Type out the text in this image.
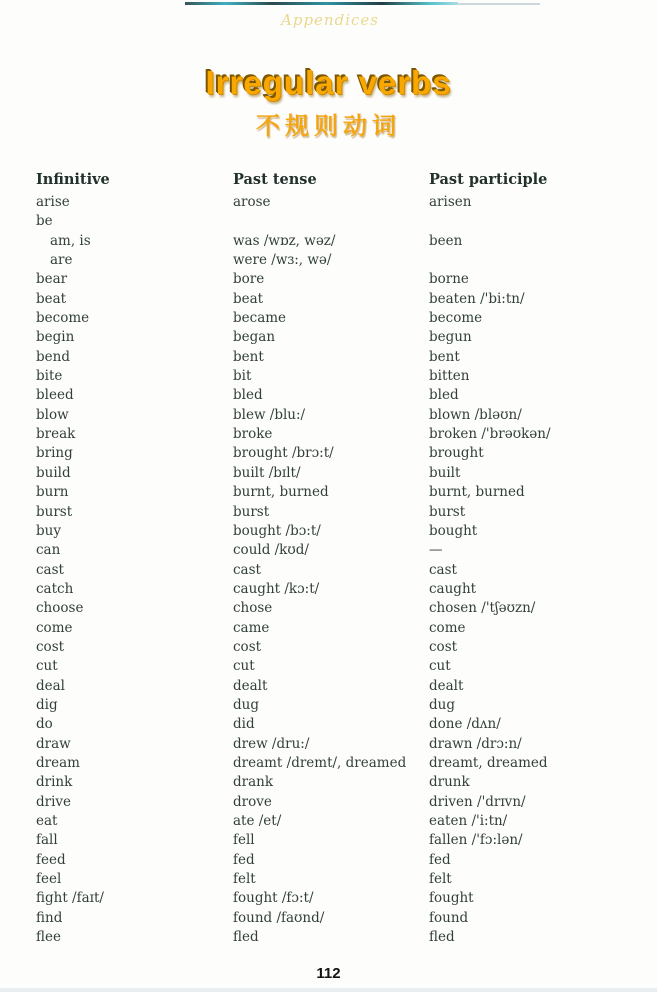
Appendices
Irregular verbs
不规则动词
Infinitive	Past tense	Past participle
arise	arose	arisen
be
am, is	was /wɒz, wəz/	been
are	were /wɜ:, wə/
bear	bore	borne
beat	beat	beaten /'bi:tn/
become	became	become
begin	began	begun
bend	bent	bent
bite	bit	bitten
bleed	bled	bled
blow	blew /blu:/	blown /bləʊn/
break	broke	broken /'brəʊkən/
bring	brought /brɔ:t/	brought
build	built /bɪlt/	built
burn	burnt, burned	burnt, burned
burst	burst	burst
buy	bought /bɔ:t/	bought
can	could /kʊd/	—
cast	cast	cast
catch	caught /kɔ:t/	caught
choose	chose	chosen /'tʃəʊzn/
come	came	come
cost	cost	cost
cut	cut	cut
deal	dealt	dealt
dig	dug	dug
do	did	done /dʌn/
draw	drew /dru:/	drawn /drɔ:n/
dream	dreamt /dremt/, dreamed	dreamt, dreamed
drink	drank	drunk
drive	drove	driven /'drɪvn/
eat	ate /et/	eaten /'i:tn/
fall	fell	fallen /'fɔ:lən/
feed	fed	fed
feel	felt	felt
fight /faɪt/	fought /fɔ:t/	fought
find	found /faʊnd/	found
flee	fled	fled
112
